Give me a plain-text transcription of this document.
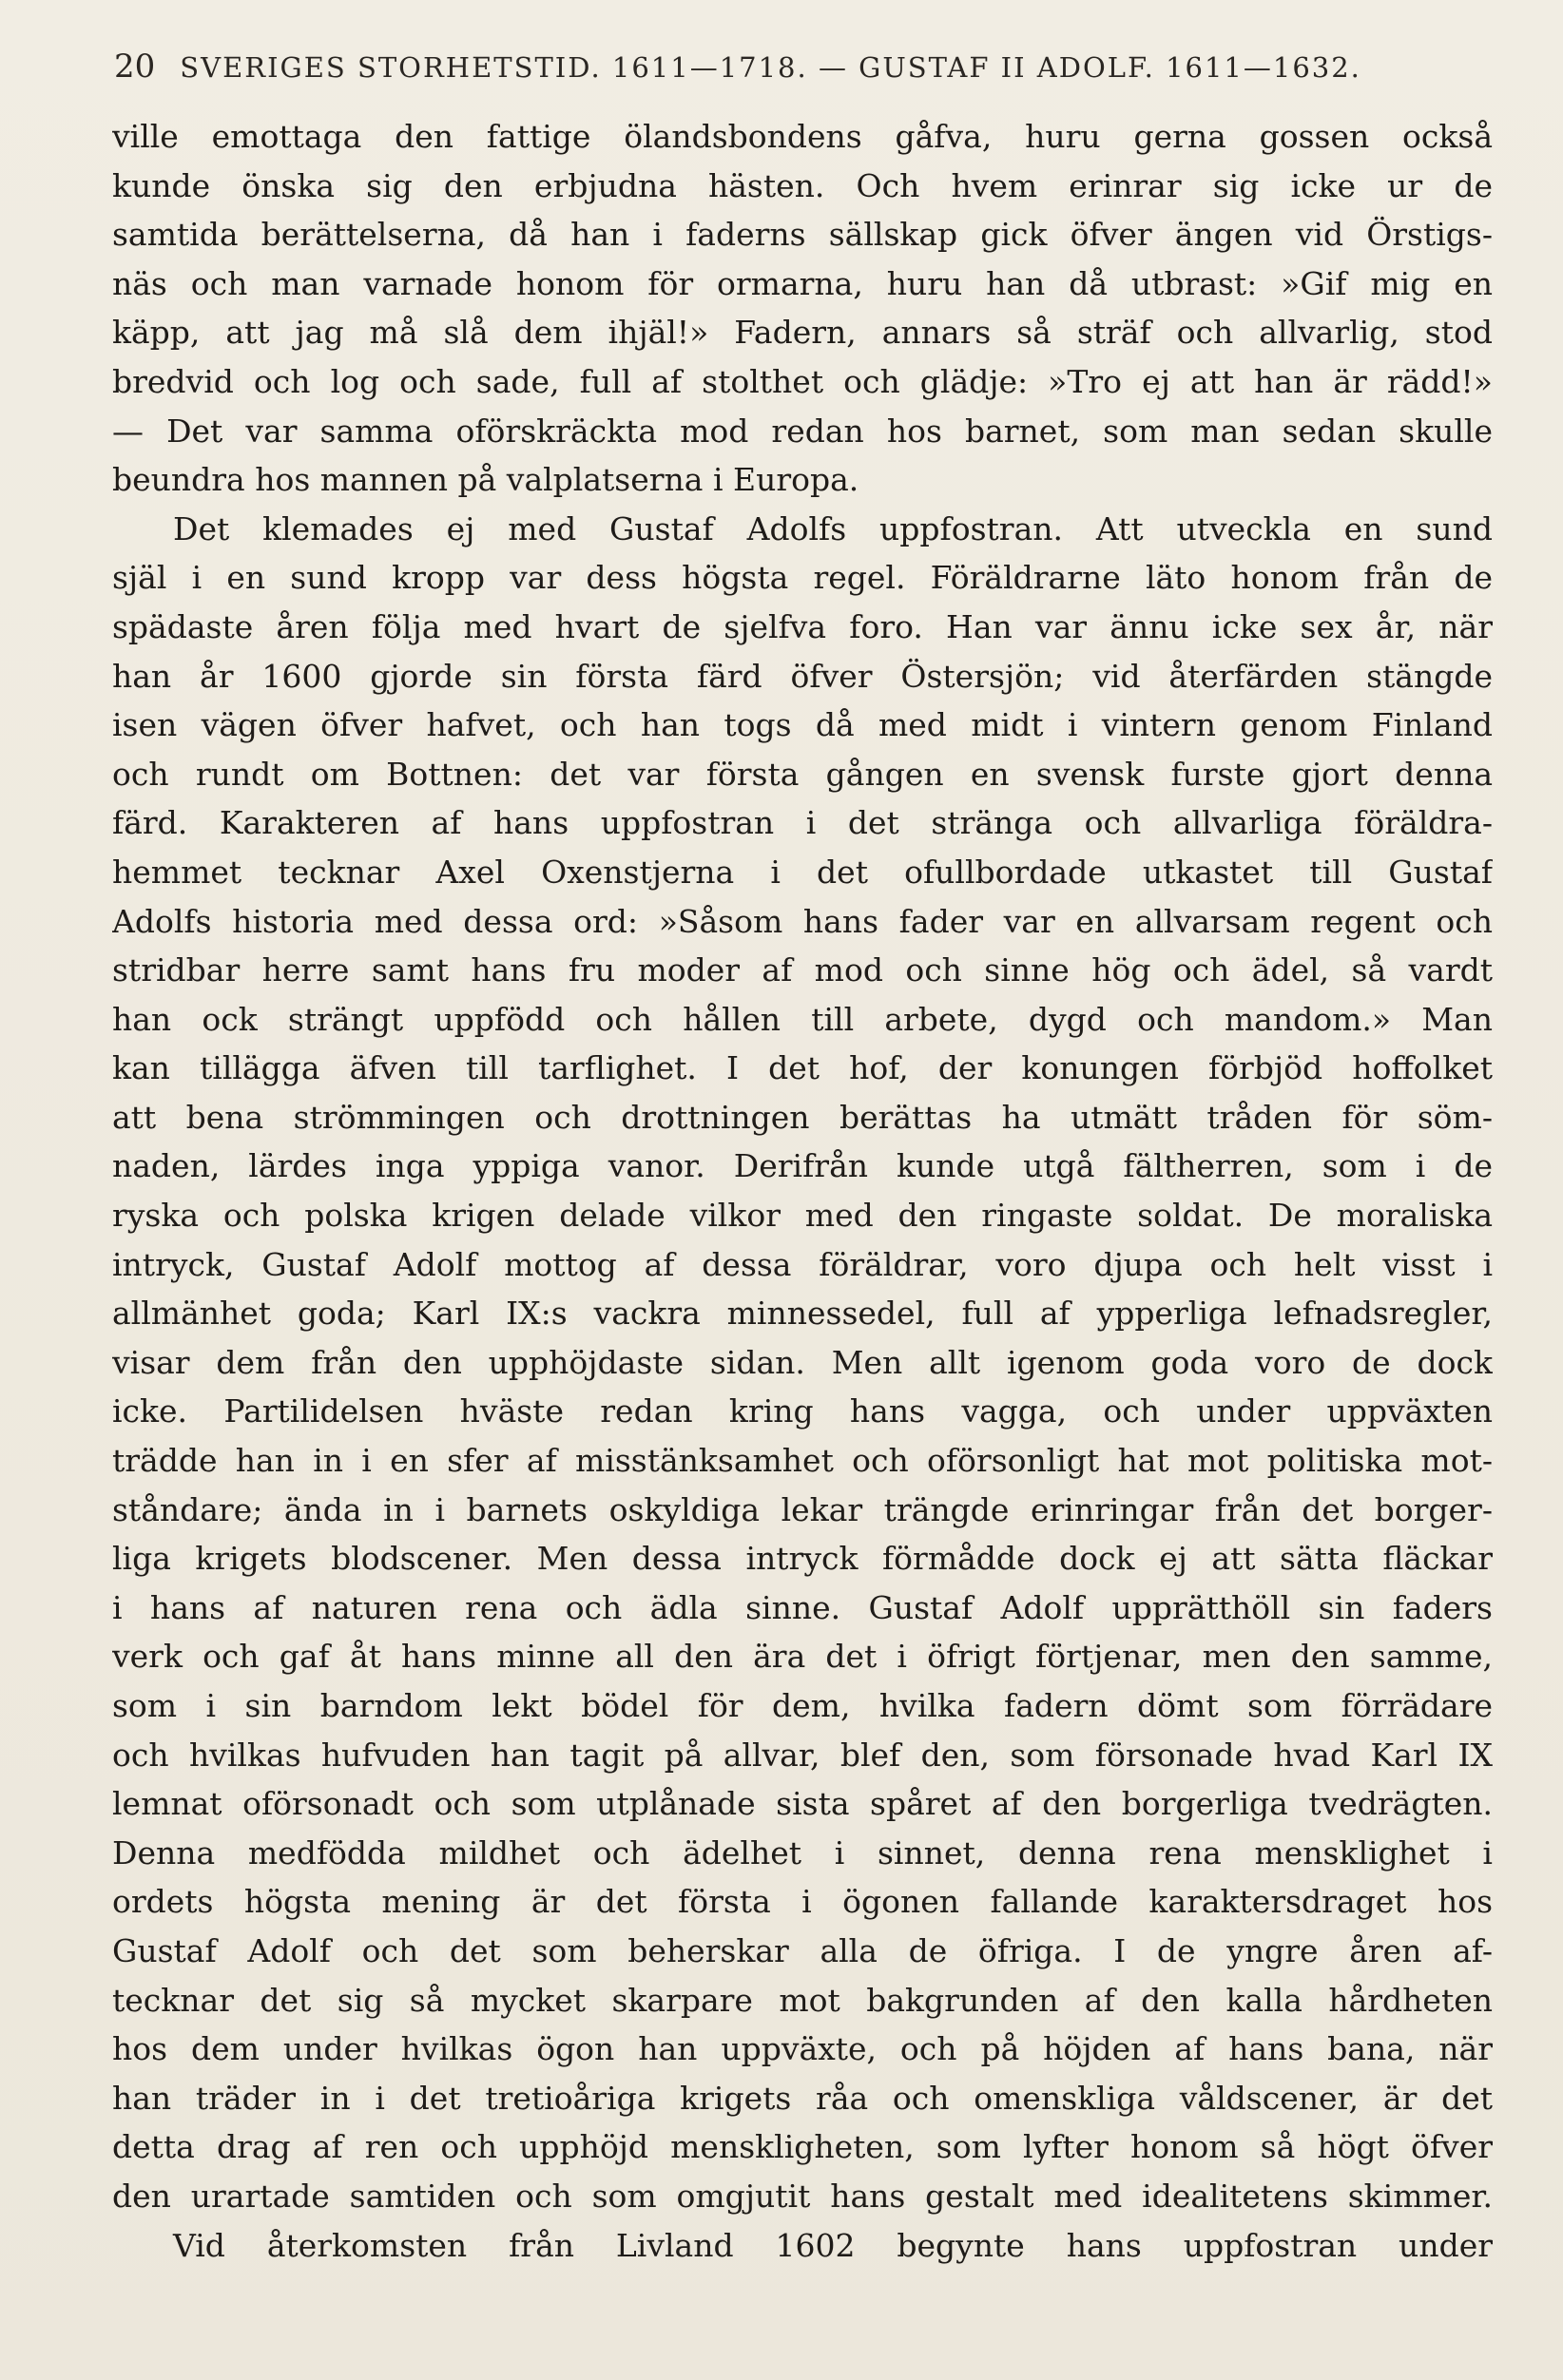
20 SVERIGES STORHETSTID. 1611—1718. — GUSTAF II ADOLF. 1611—1632.
ville emottaga den fattige ölandsbondens gåfva, huru gerna gossen också
kunde önska sig den erbjudna hästen. Och hvem erinrar sig icke ur de
samtida berättelserna, då han i faderns sällskap gick öfver ängen vid Örstigs-
näs och man varnade honom för ormarna, huru han då utbrast: »Gif mig en
käpp, att jag må slå dem ihjäl!» Fadern, annars så sträf och allvarlig, stod
bredvid och log och sade, full af stolthet och glädje: »Tro ej att han är rädd!»
— Det var samma oförskräckta mod redan hos barnet, som man sedan skulle
beundra hos mannen på valplatserna i Europa.
Det klemades ej med Gustaf Adolfs uppfostran. Att utveckla en sund
själ i en sund kropp var dess högsta regel. Föräldrarne läto honom från de
spädaste åren följa med hvart de sjelfva foro. Han var ännu icke sex år, när
han år 1600 gjorde sin första färd öfver Östersjön; vid återfärden stängde
isen vägen öfver hafvet, och han togs då med midt i vintern genom Finland
och rundt om Bottnen: det var första gången en svensk furste gjort denna
färd. Karakteren af hans uppfostran i det stränga och allvarliga föräldra-
hemmet tecknar Axel Oxenstjerna i det ofullbordade utkastet till Gustaf
Adolfs historia med dessa ord: »Såsom hans fader var en allvarsam regent och
stridbar herre samt hans fru moder af mod och sinne hög och ädel, så vardt
han ock strängt uppfödd och hållen till arbete, dygd och mandom.» Man
kan tillägga äfven till tarflighet. I det hof, der konungen förbjöd hoffolket
att bena strömmingen och drottningen berättas ha utmätt tråden för söm-
naden, lärdes inga yppiga vanor. Derifrån kunde utgå fältherren, som i de
ryska och polska krigen delade vilkor med den ringaste soldat. De moraliska
intryck, Gustaf Adolf mottog af dessa föräldrar, voro djupa och helt visst i
allmänhet goda; Karl IX:s vackra minnessedel, full af ypperliga lefnadsregler,
visar dem från den upphöjdaste sidan. Men allt igenom goda voro de dock
icke. Partilidelsen hväste redan kring hans vagga, och under uppväxten
trädde han in i en sfer af misstänksamhet och oförsonligt hat mot politiska mot-
ståndare; ända in i barnets oskyldiga lekar trängde erinringar från det borger-
liga krigets blodscener. Men dessa intryck förmådde dock ej att sätta fläckar
i hans af naturen rena och ädla sinne. Gustaf Adolf upprätthöll sin faders
verk och gaf åt hans minne all den ära det i öfrigt förtjenar, men den samme,
som i sin barndom lekt bödel för dem, hvilka fadern dömt som förrädare
och hvilkas hufvuden han tagit på allvar, blef den, som försonade hvad Karl IX
lemnat oförsonadt och som utplånade sista spåret af den borgerliga tvedrägten.
Denna medfödda mildhet och ädelhet i sinnet, denna rena mensklighet i
ordets högsta mening är det första i ögonen fallande karaktersdraget hos
Gustaf Adolf och det som beherskar alla de öfriga. I de yngre åren af-
tecknar det sig så mycket skarpare mot bakgrunden af den kalla hårdheten
hos dem under hvilkas ögon han uppväxte, och på höjden af hans bana, när
han träder in i det tretioåriga krigets råa och omenskliga våldscener, är det
detta drag af ren och upphöjd menskligheten, som lyfter honom så högt öfver
den urartade samtiden och som omgjutit hans gestalt med idealitetens skimmer.
Vid återkomsten från Livland 1602 begynte hans uppfostran under
